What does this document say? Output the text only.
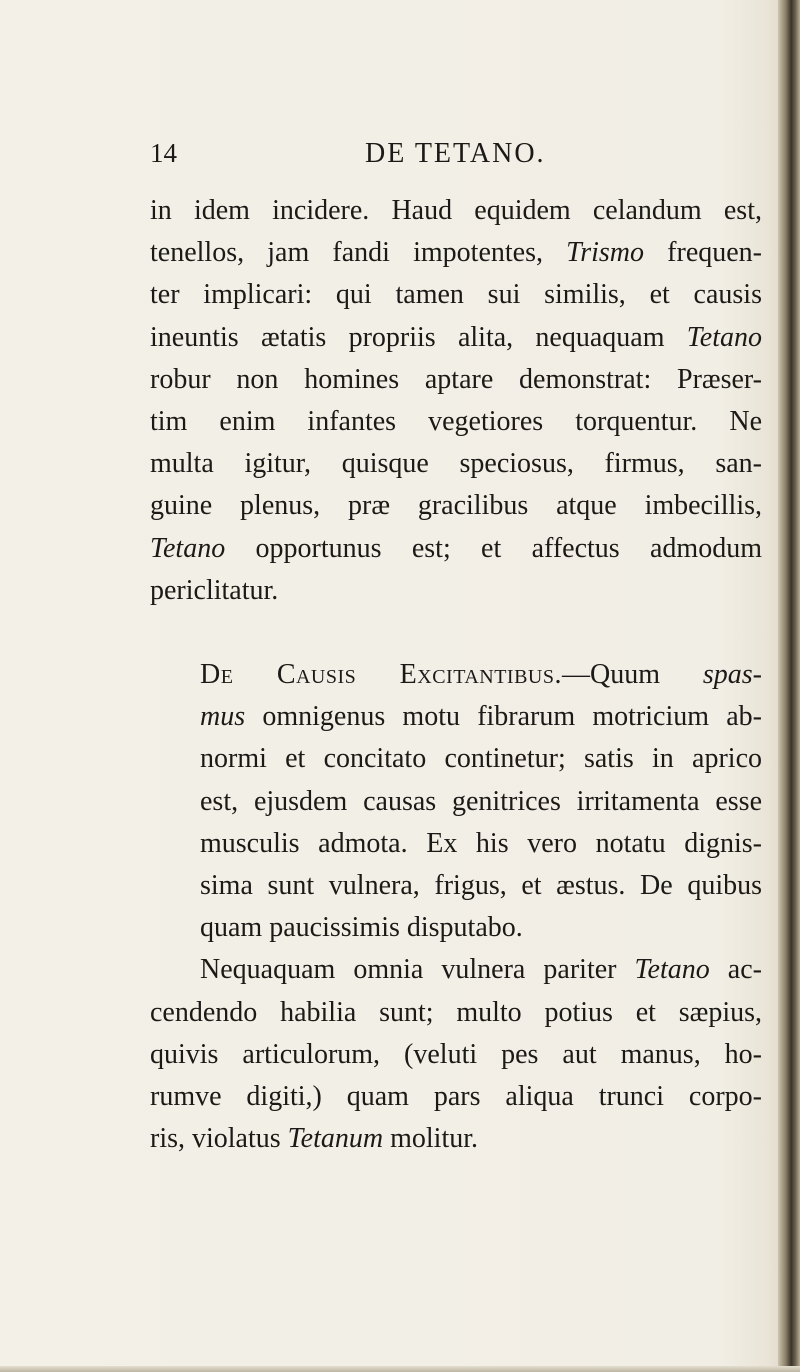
14	DE TETANO.

in idem incidere. Haud equidem celandum est,
tenellos, jam fandi impotentes, Trismo frequen-
ter implicari: qui tamen sui similis, et causis
ineuntis ætatis propriis alita, nequaquam Tetano
robur non homines aptare demonstrat: Præser-
tim enim infantes vegetiores torquentur. Ne
multa igitur, quisque speciosus, firmus, san-
guine plenus, præ gracilibus atque imbecillis,
Tetano opportunus est; et affectus admodum
periclitatur.

De Causis Excitantibus.—Quum spas-
mus omnigenus motu fibrarum motricium ab-
normi et concitato continetur; satis in aprico
est, ejusdem causas genitrices irritamenta esse
musculis admota. Ex his vero notatu dignis-
sima sunt vulnera, frigus, et æstus. De quibus
quam paucissimis disputabo.

Nequaquam omnia vulnera pariter Tetano ac-
cendendo habilia sunt; multo potius et sæpius,
quivis articulorum, (veluti pes aut manus, ho-
rumve digiti,) quam pars aliqua trunci corpo-
ris, violatus Tetanum molitur.
